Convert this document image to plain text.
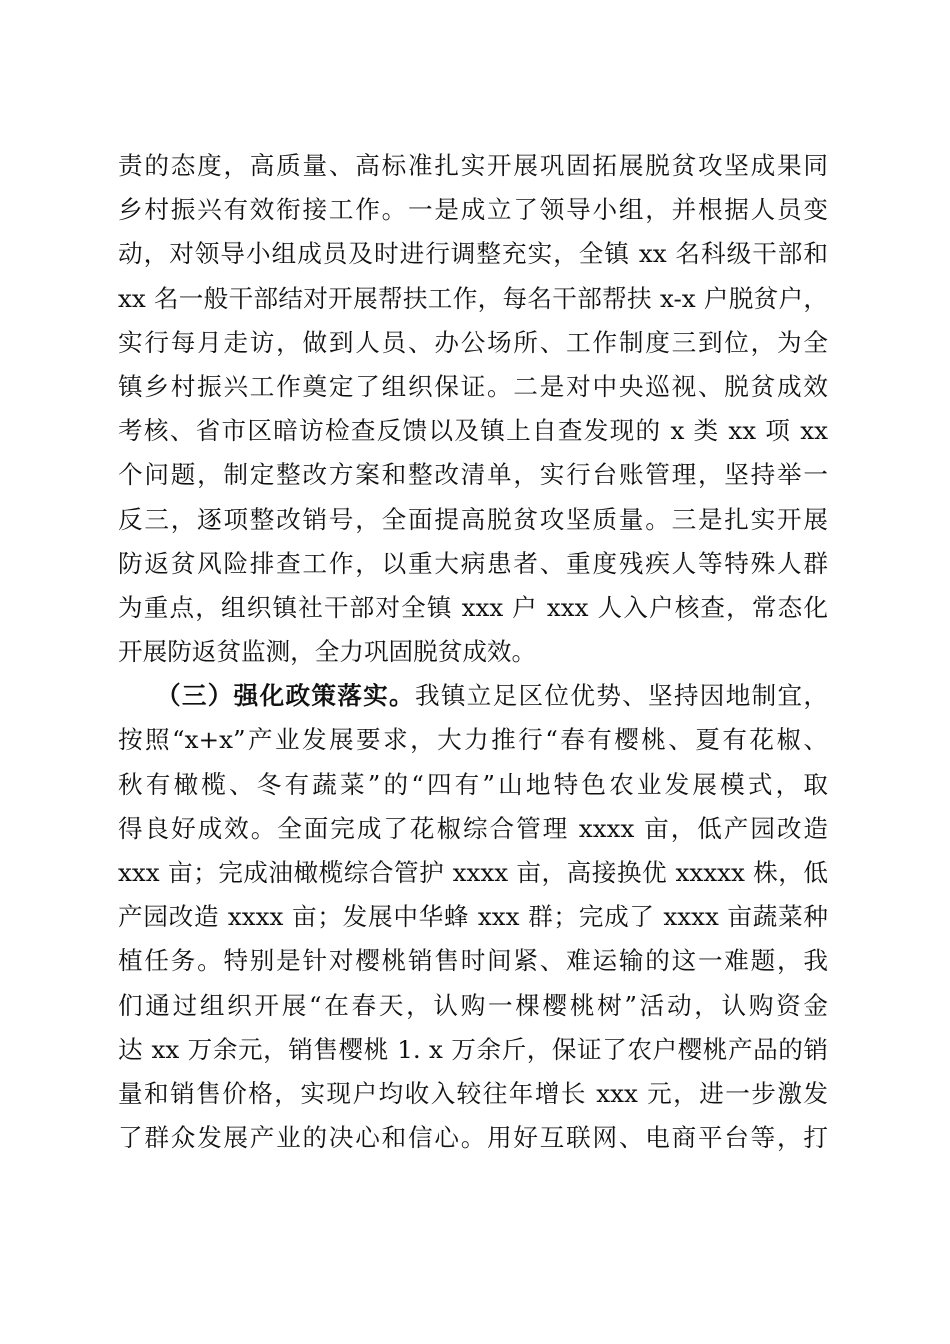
责的态度，高质量、高标准扎实开展巩固拓展脱贫攻坚成果同
乡村振兴有效衔接工作。一是成立了领导小组，并根据人员变
动，对领导小组成员及时进行调整充实，全镇 xx 名科级干部和
xx 名一般干部结对开展帮扶工作，每名干部帮扶 x-x 户脱贫户，
实行每月走访，做到人员、办公场所、工作制度三到位，为全
镇乡村振兴工作奠定了组织保证。二是对中央巡视、脱贫成效
考核、省市区暗访检查反馈以及镇上自查发现的 x 类 xx 项 xx
个问题，制定整改方案和整改清单，实行台账管理，坚持举一
反三，逐项整改销号，全面提高脱贫攻坚质量。三是扎实开展
防返贫风险排查工作，以重大病患者、重度残疾人等特殊人群
为重点，组织镇社干部对全镇 xxx 户 xxx 人入户核查，常态化
开展防返贫监测，全力巩固脱贫成效。
（三）强化政策落实。我镇立足区位优势、坚持因地制宜，
按照“x+x”产业发展要求，大力推行“春有樱桃、夏有花椒、
秋有橄榄、冬有蔬菜”的“四有”山地特色农业发展模式，取
得良好成效。全面完成了花椒综合管理 xxxx 亩，低产园改造
xxx 亩；完成油橄榄综合管护 xxxx 亩，高接换优 xxxxx 株，低
产园改造 xxxx 亩；发展中华蜂 xxx 群；完成了 xxxx 亩蔬菜种
植任务。特别是针对樱桃销售时间紧、难运输的这一难题，我
们通过组织开展“在春天，认购一棵樱桃树”活动，认购资金
达 xx 万余元，销售樱桃 1. x 万余斤，保证了农户樱桃产品的销
量和销售价格，实现户均收入较往年增长 xxx 元，进一步激发
了群众发展产业的决心和信心。用好互联网、电商平台等，打
